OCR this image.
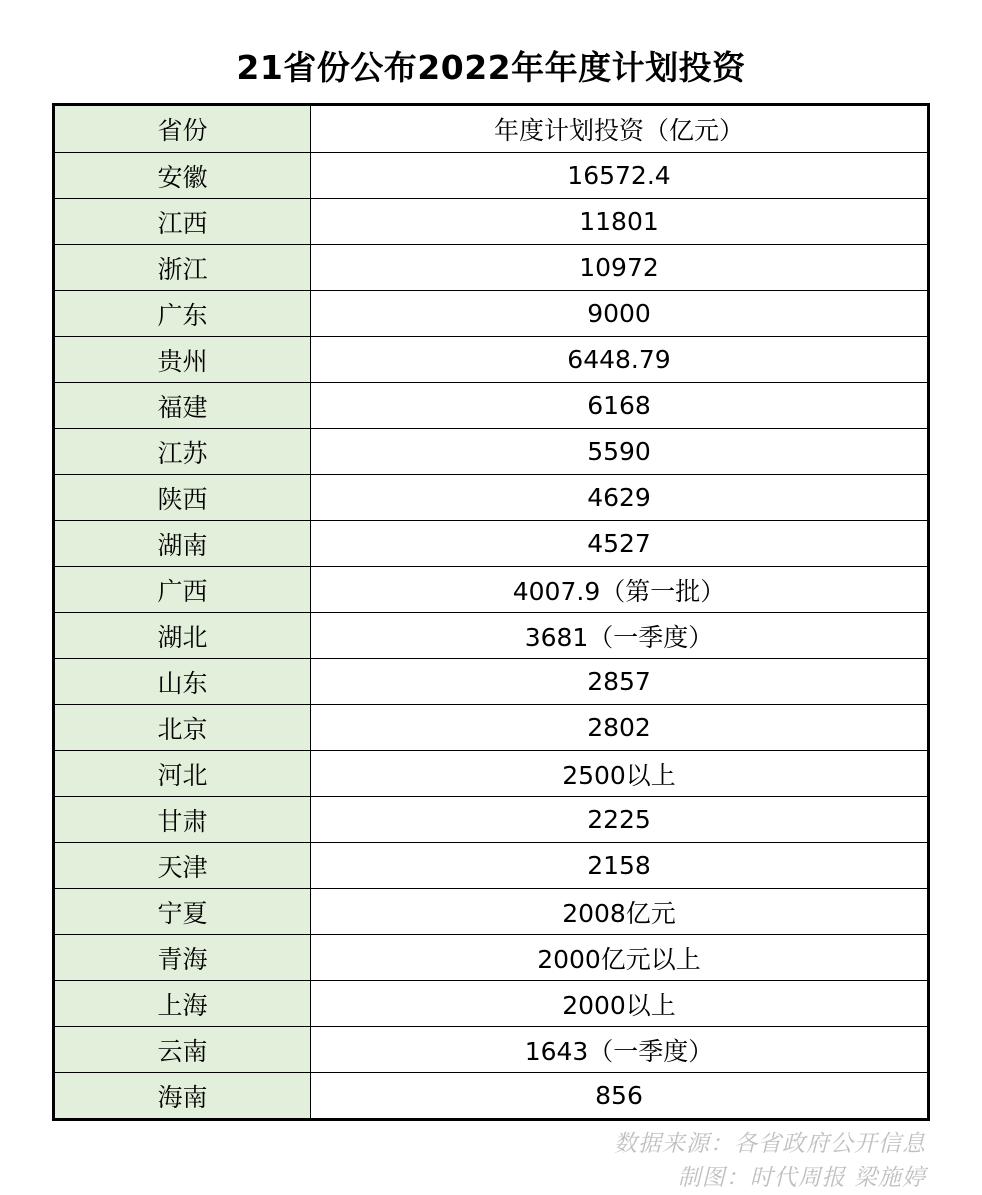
21省份公布2022年年度计划投资
省份	年度计划投资（亿元）
安徽	16572.4
江西	11801
浙江	10972
广东	9000
贵州	6448.79
福建	6168
江苏	5590
陕西	4629
湖南	4527
广西	4007.9（第一批）
湖北	3681（一季度）
山东	2857
北京	2802
河北	2500以上
甘肃	2225
天津	2158
宁夏	2008亿元
青海	2000亿元以上
上海	2000以上
云南	1643（一季度）
海南	856
数据来源：各省政府公开信息
制图：时代周报 梁施婷
